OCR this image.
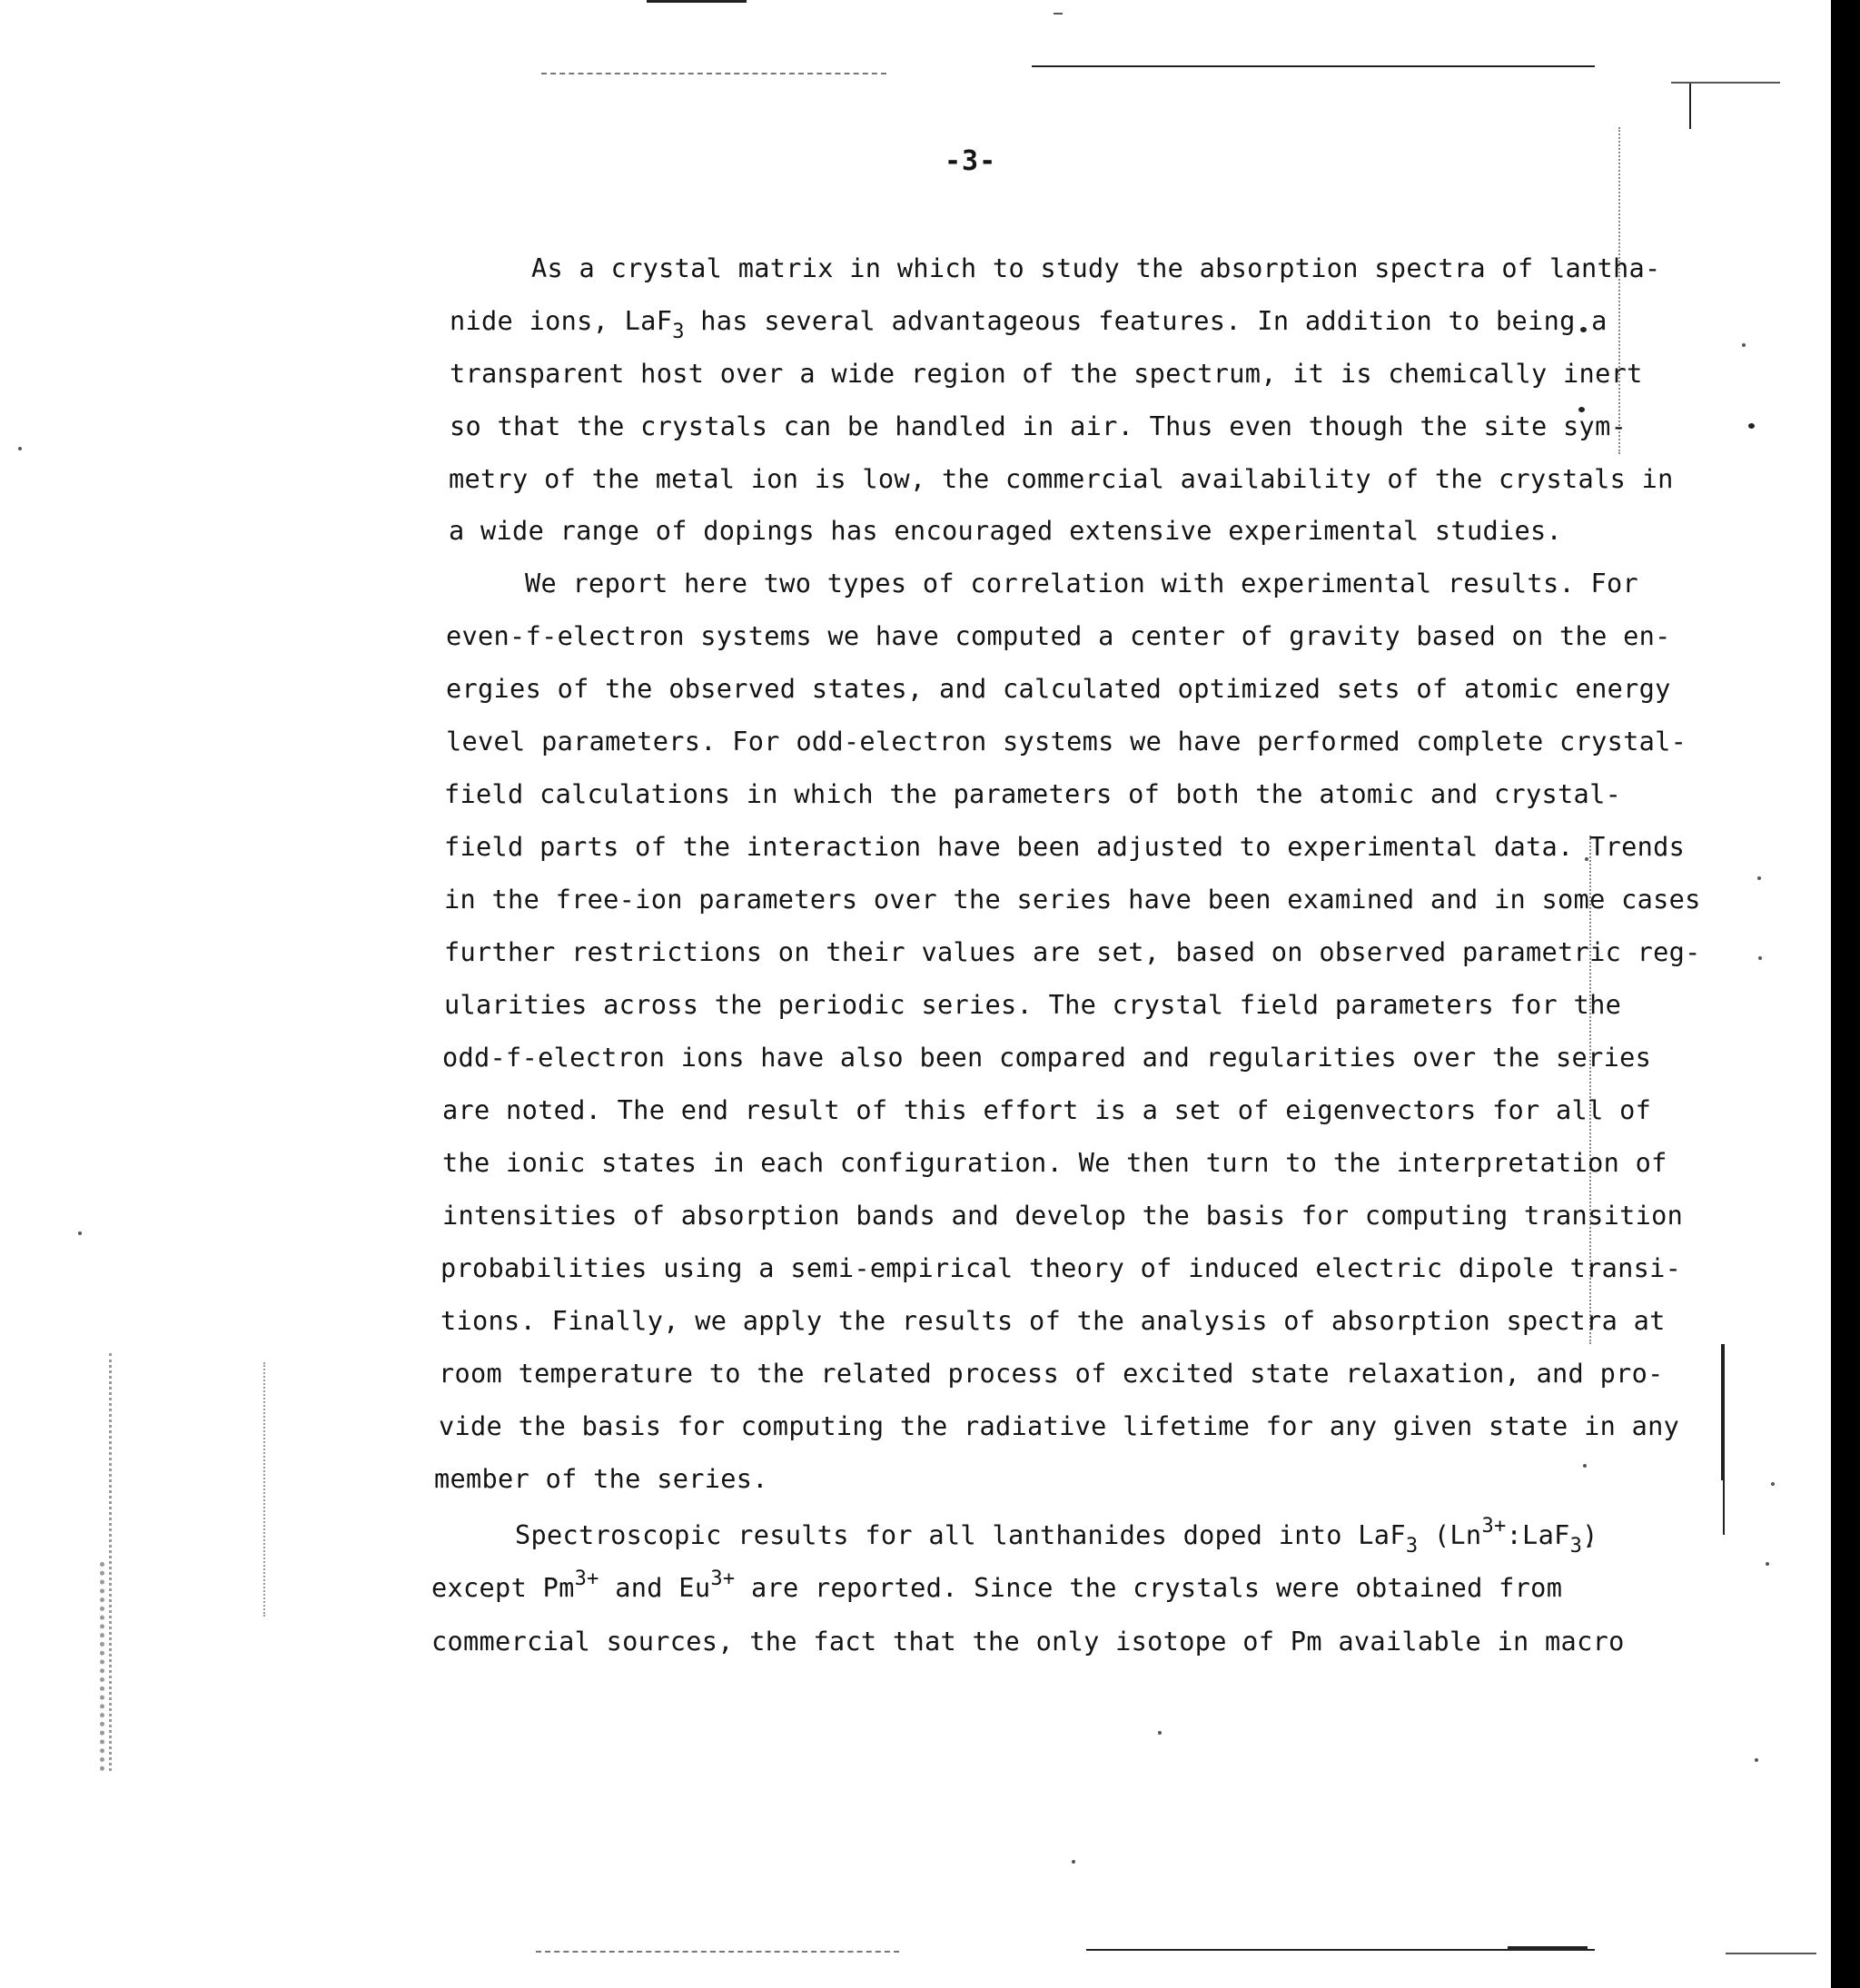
-3-
As a crystal matrix in which to study the absorption spectra of lantha-
nide ions, LaF$_3$ has several advantageous features. In addition to being a
transparent host over a wide region of the spectrum, it is chemically inert
so that the crystals can be handled in air. Thus even though the site sym-
metry of the metal ion is low, the commercial availability of the crystals in
a wide range of dopings has encouraged extensive experimental studies.
We report here two types of correlation with experimental results. For
even-f-electron systems we have computed a center of gravity based on the en-
ergies of the observed states, and calculated optimized sets of atomic energy
level parameters. For odd-electron systems we have performed complete crystal-
field calculations in which the parameters of both the atomic and crystal-
field parts of the interaction have been adjusted to experimental data. Trends
in the free-ion parameters over the series have been examined and in some cases
further restrictions on their values are set, based on observed parametric reg-
ularities across the periodic series. The crystal field parameters for the
odd-f-electron ions have also been compared and regularities over the series
are noted. The end result of this effort is a set of eigenvectors for all of
the ionic states in each configuration. We then turn to the interpretation of
intensities of absorption bands and develop the basis for computing transition
probabilities using a semi-empirical theory of induced electric dipole transi-
tions. Finally, we apply the results of the analysis of absorption spectra at
room temperature to the related process of excited state relaxation, and pro-
vide the basis for computing the radiative lifetime for any given state in any
member of the series.
Spectroscopic results for all lanthanides doped into LaF$_3$ $(Ln^{3+}:LaF_3)$
except $Pm^{3+}$ and $Eu^{3+}$ are reported. Since the crystals were obtained from
commercial sources, the fact that the only isotope of Pm available in macro
